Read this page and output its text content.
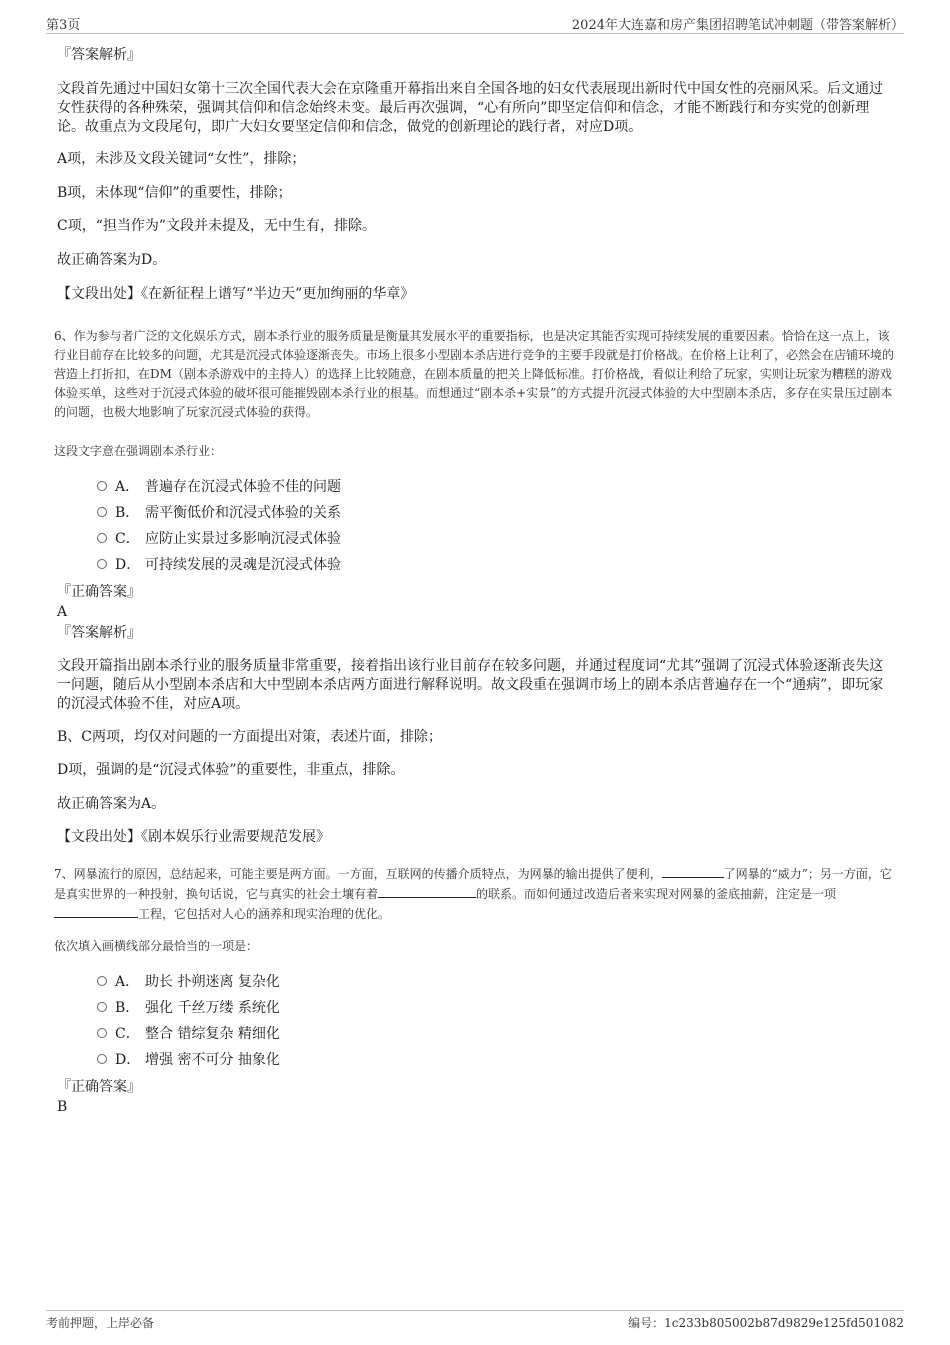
第3页	2024年大连嘉和房产集团招聘笔试冲刺题（带答案解析）
『答案解析』
文段首先通过中国妇女第十三次全国代表大会在京隆重开幕指出来自全国各地的妇女代表展现出新时代中国女性的亮丽风采。后文通过女性获得的各种殊荣，强调其信仰和信念始终未变。最后再次强调，“心有所向”即坚定信仰和信念，才能不断践行和夯实党的创新理论。故重点为文段尾句，即广大妇女要坚定信仰和信念，做党的创新理论的践行者，对应D项。
A项，未涉及文段关键词“女性”，排除；
B项，未体现“信仰”的重要性，排除；
C项，“担当作为”文段并未提及，无中生有，排除。
故正确答案为D。
【文段出处】《在新征程上谱写“半边天”更加绚丽的华章》
6、作为参与者广泛的文化娱乐方式，剧本杀行业的服务质量是衡量其发展水平的重要指标，也是决定其能否实现可持续发展的重要因素。恰恰在这一点上，该行业目前存在比较多的问题，尤其是沉浸式体验逐渐丧失。市场上很多小型剧本杀店进行竞争的主要手段就是打价格战。在价格上让利了，必然会在店铺环境的营造上打折扣，在DM（剧本杀游戏中的主持人）的选择上比较随意，在剧本质量的把关上降低标准。打价格战，看似让利给了玩家，实则让玩家为糟糕的游戏体验买单，这些对于沉浸式体验的破坏很可能摧毁剧本杀行业的根基。而想通过“剧本杀+实景”的方式提升沉浸式体验的大中型剧本杀店，多存在实景压过剧本的问题，也极大地影响了玩家沉浸式体验的获得。
这段文字意在强调剧本杀行业：
A． 普遍存在沉浸式体验不佳的问题
B． 需平衡低价和沉浸式体验的关系
C． 应防止实景过多影响沉浸式体验
D． 可持续发展的灵魂是沉浸式体验
『正确答案』
A
『答案解析』
文段开篇指出剧本杀行业的服务质量非常重要，接着指出该行业目前存在较多问题，并通过程度词“尤其”强调了沉浸式体验逐渐丧失这一问题，随后从小型剧本杀店和大中型剧本杀店两方面进行解释说明。故文段重在强调市场上的剧本杀店普遍存在一个“通病”，即玩家的沉浸式体验不佳，对应A项。
B、C两项，均仅对问题的一方面提出对策，表述片面，排除；
D项，强调的是“沉浸式体验”的重要性，非重点，排除。
故正确答案为A。
【文段出处】《剧本娱乐行业需要规范发展》
7、网暴流行的原因，总结起来，可能主要是两方面。一方面，互联网的传播介质特点，为网暴的输出提供了便利，	了网暴的“威力”；另一方面，它是真实世界的一种投射，换句话说，它与真实的社会土壤有着	的联系。而如何通过改造后者来实现对网暴的釜底抽薪，注定是一项工程，它包括对人心的涵养和现实治理的优化。
依次填入画横线部分最恰当的一项是：
A． 助长 扑朔迷离 复杂化
B． 强化 千丝万缕 系统化
C． 整合 错综复杂 精细化
D． 增强 密不可分 抽象化
『正确答案』
B
考前押题，上岸必备	编号：1c233b805002b87d9829e125fd501082
